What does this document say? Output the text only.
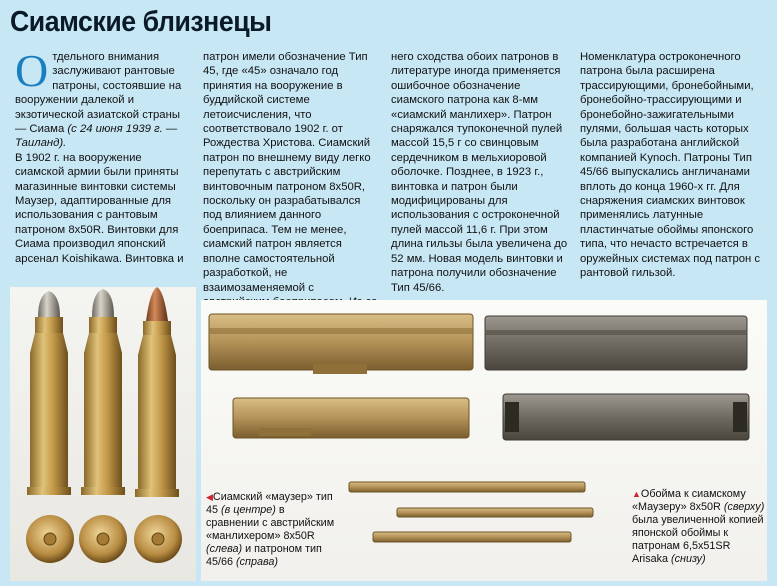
Сиамские близнецы

Отдельного внимания заслуживают рантовые патроны, состоявшие на вооружении далекой и экзотической азиатской страны — Сиама (с 24 июня 1939 г. — Таиланд).

В 1902 г. на вооружение сиамской армии были приняты магазинные винтовки системы Маузер, адаптированные для использования с рантовым патроном 8х50R. Винтовки для Сиама производил японский арсенал Koishikawa. Винтовка и

патрон имели обозначение Тип 45, где «45» означало год принятия на вооружение в буддийской системе летоисчисления, что соответствовало 1902 г. от Рождества Христова. Сиамский патрон по внешнему виду легко перепутать с австрийским винтовочным патроном 8х50R, поскольку он разрабатывался под влиянием данного боеприпаса. Тем не менее, сиамский патрон является вполне самостоятельной разработкой, не взаимозаменяемой с
него сходства обоих патронов в литературе иногда применяется ошибочное обозначение сиамского патрона как 8-мм «сиамский манлихер». Патрон снаряжался тупоконечной пулей массой 15,5 г со свинцовым сердечником в мельхиоровой оболочке. Позднее, в 1923 г., винтовка и патрон были модифицированы для использования с остроконечной пулей массой 11,6 г. При этом длина гильзы была увеличена до 52 мм. Новая модель винтовки и патрона получили обозначение Тип 45/66.
Номенклатура остроконечного патрона была расширена трассирующими, бронебойными, бронебойно-трассирующими и бронебойно-зажигательными пулями, большая часть которых была разработана английской компанией Kynoch. Патроны Тип 45/66 выпускались англичанами вплоть до конца 1960-х гг. Для снаряжения сиамских винтовок применялись латунные пластинчатые обоймы японского типа, что нечасто встречается в оружейных системах под патрон с рантовой гильзой.
◀Сиамский «маузер» тип 45 (в центре) в сравнении с австрийским «манлихером» 8х50R (слева) и патроном тип 45/66 (справа)
▲Обойма к сиамскому «Маузеру» 8х50R (сверху) была увеличенной копией японской обоймы к патронам 6,5х51SR Arisaka (снизу)
